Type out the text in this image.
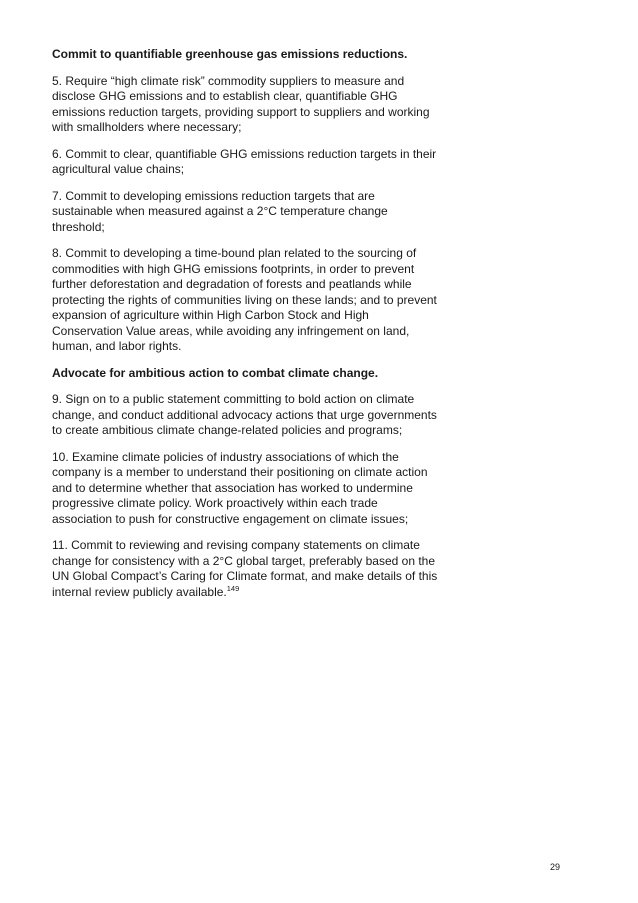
Commit to quantifiable greenhouse gas emissions reductions.

5. Require “high climate risk” commodity suppliers to measure and disclose GHG emissions and to establish clear, quantifiable GHG emissions reduction targets, providing support to suppliers and working with smallholders where necessary;

6. Commit to clear, quantifiable GHG emissions reduction targets in their agricultural value chains;

7. Commit to developing emissions reduction targets that are sustainable when measured against a 2°C temperature change threshold;

8. Commit to developing a time-bound plan related to the sourcing of commodities with high GHG emissions footprints, in order to prevent further deforestation and degradation of forests and peatlands while protecting the rights of communities living on these lands; and to prevent expansion of agriculture within High Carbon Stock and High Conservation Value areas, while avoiding any infringement on land, human, and labor rights.

Advocate for ambitious action to combat climate change.

9. Sign on to a public statement committing to bold action on climate change, and conduct additional advocacy actions that urge governments to create ambitious climate change-related policies and programs;

10. Examine climate policies of industry associations of which the company is a member to understand their positioning on climate action and to determine whether that association has worked to undermine progressive climate policy. Work proactively within each trade association to push for constructive engagement on climate issues;

11. Commit to reviewing and revising company statements on climate change for consistency with a 2°C global target, preferably based on the UN Global Compact’s Caring for Climate format, and make details of this internal review publicly available.$^{149}$

29
